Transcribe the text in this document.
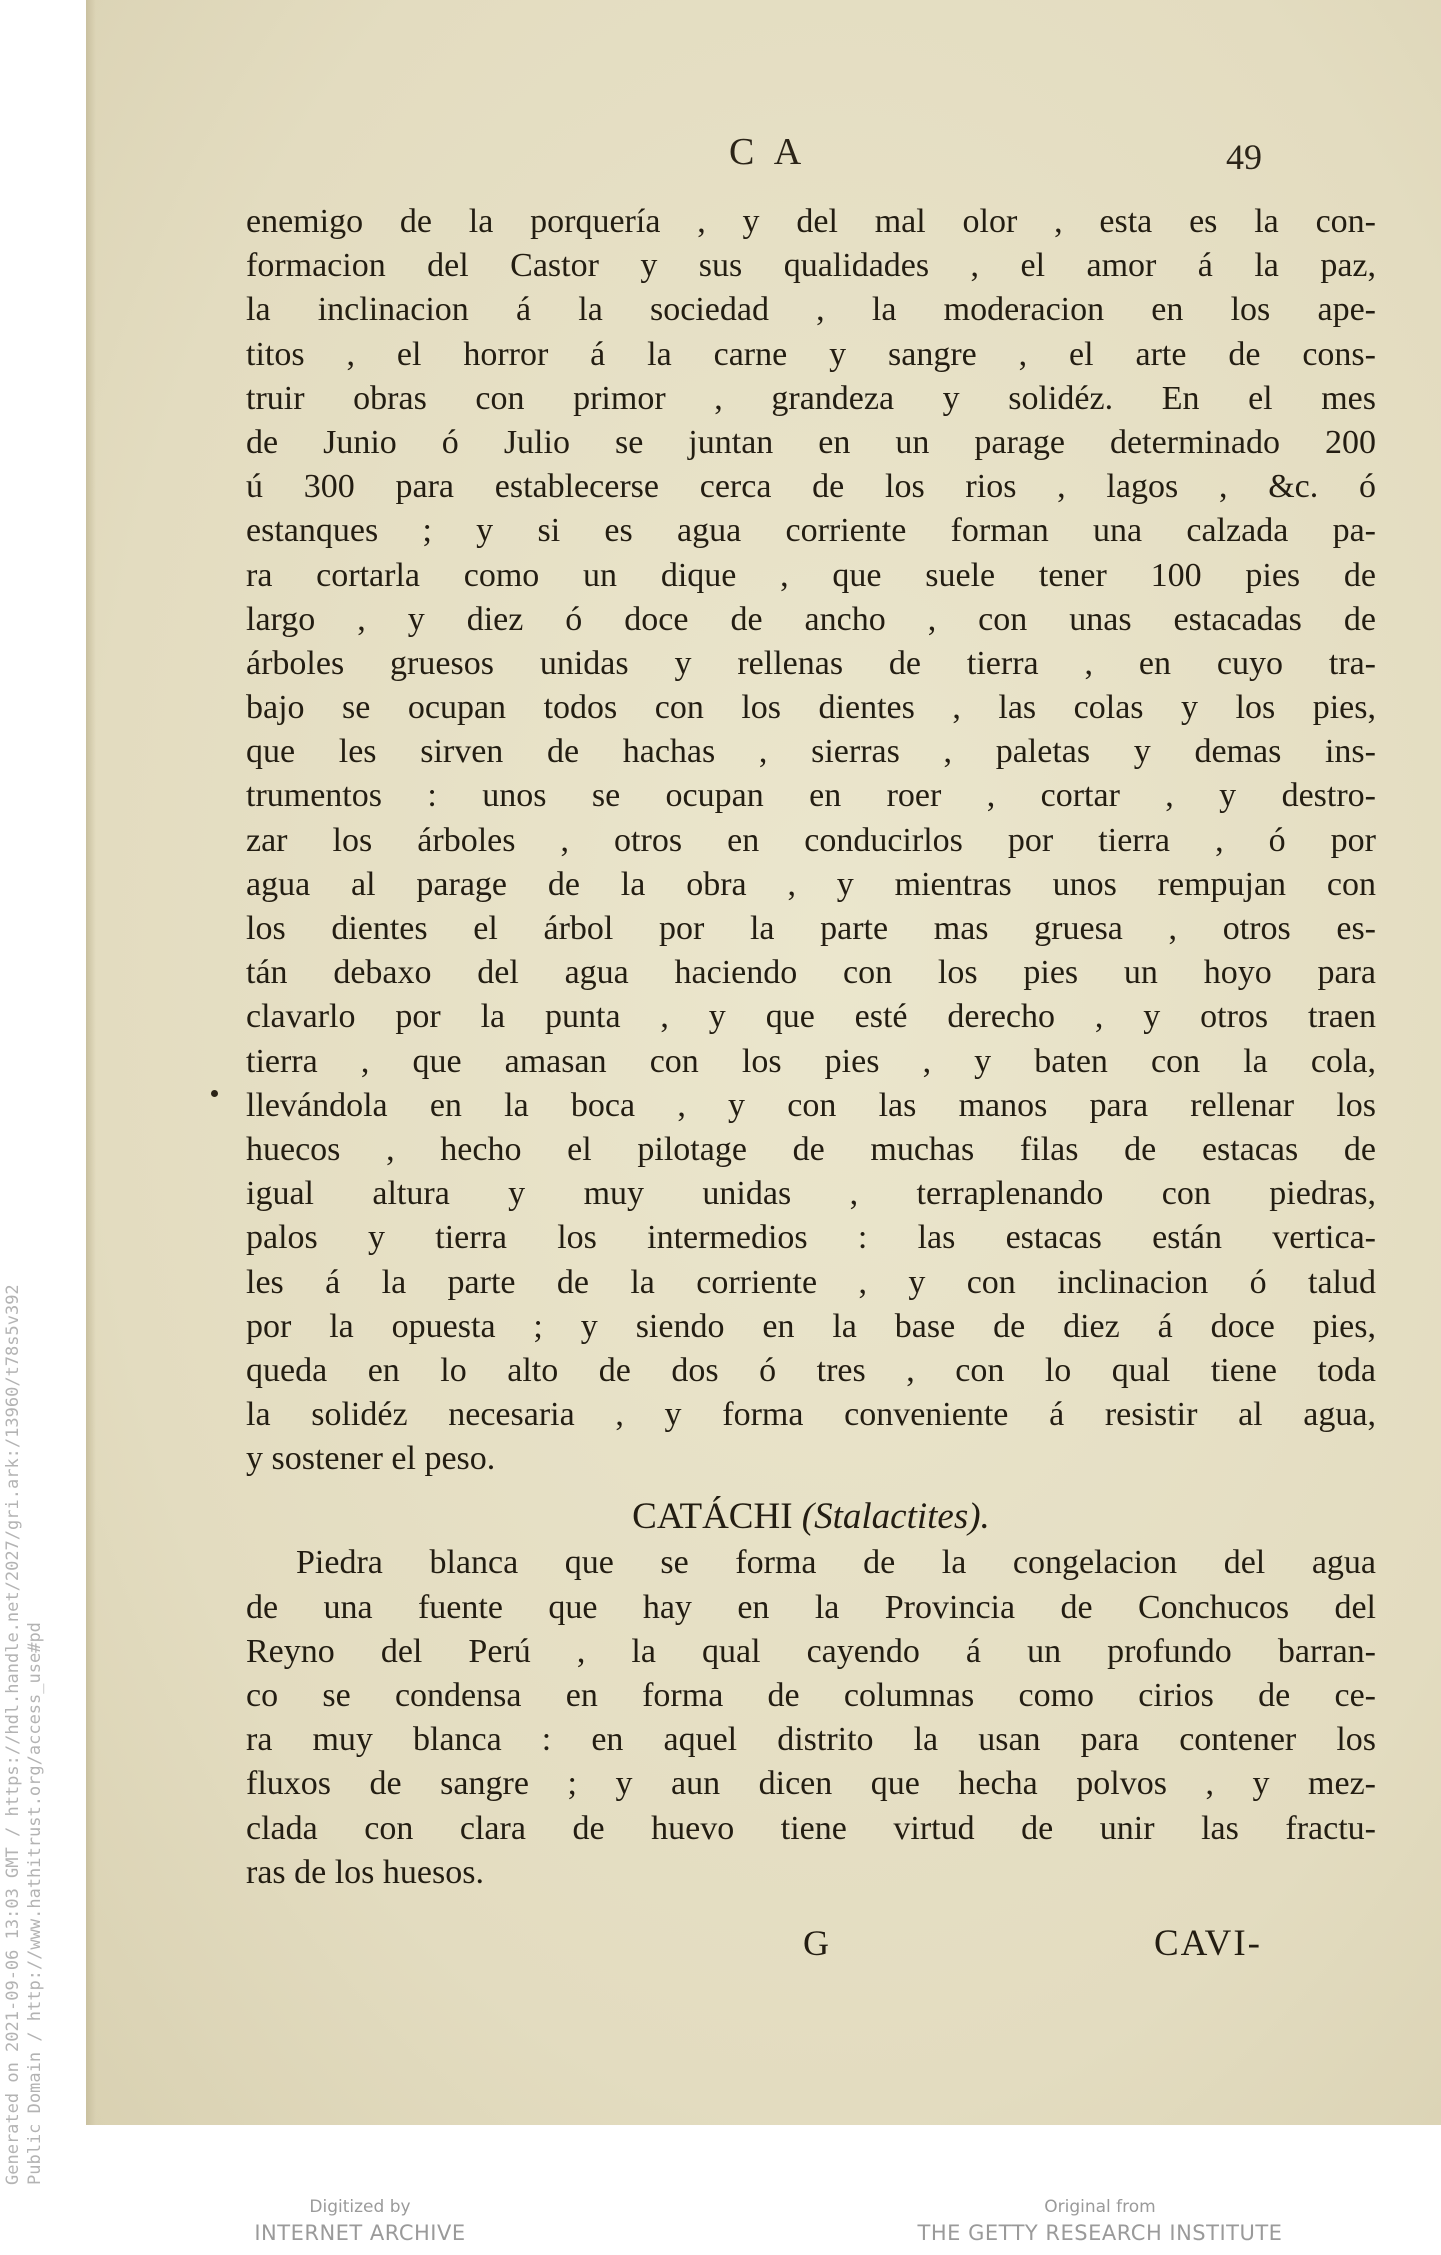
C A	49
enemigo de la porquería , y del mal olor , esta es la con-
formacion del Castor y sus qualidades , el amor á la paz,
la inclinacion á la sociedad , la moderacion en los ape-
titos , el horror á la carne y sangre , el arte de cons-
truir obras con primor , grandeza y solidéz. En el mes
de Junio ó Julio se juntan en un parage determinado 200
ú 300 para establecerse cerca de los rios , lagos , &c. ó
estanques ; y si es agua corriente forman una calzada pa-
ra cortarla como un dique , que suele tener 100 pies de
largo , y diez ó doce de ancho , con unas estacadas de
árboles gruesos unidas y rellenas de tierra , en cuyo tra-
bajo se ocupan todos con los dientes , las colas y los pies,
que les sirven de hachas , sierras , paletas y demas ins-
trumentos : unos se ocupan en roer , cortar , y destro-
zar los árboles , otros en conducirlos por tierra , ó por
agua al parage de la obra , y mientras unos rempujan con
los dientes el árbol por la parte mas gruesa , otros es-
tán debaxo del agua haciendo con los pies un hoyo para
clavarlo por la punta , y que esté derecho , y otros traen
tierra , que amasan con los pies , y baten con la cola,
llevándola en la boca , y con las manos para rellenar los
huecos , hecho el pilotage de muchas filas de estacas de
igual altura y muy unidas , terraplenando con piedras,
palos y tierra los intermedios : las estacas están vertica-
les á la parte de la corriente , y con inclinacion ó talud
por la opuesta ; y siendo en la base de diez á doce pies,
queda en lo alto de dos ó tres , con lo qual tiene toda
la solidéz necesaria , y forma conveniente á resistir al agua,
y sostener el peso.
CATÁCHI (Stalactites).
Piedra blanca que se forma de la congelacion del agua
de una fuente que hay en la Provincia de Conchucos del
Reyno del Perú , la qual cayendo á un profundo barran-
co se condensa en forma de columnas como cirios de ce-
ra muy blanca : en aquel distrito la usan para contener los
fluxos de sangre ; y aun dicen que hecha polvos , y mez-
clada con clara de huevo tiene virtud de unir las fractu-
ras de los huesos.
G	CAVI-
Generated on 2021-09-06 13:03 GMT / https://hdl.handle.net/2027/gri.ark:/13960/t78s5v392 Public Domain / http://www.hathitrust.org/access_use#pd
Digitized by
INTERNET ARCHIVE
Original from
THE GETTY RESEARCH INSTITUTE
